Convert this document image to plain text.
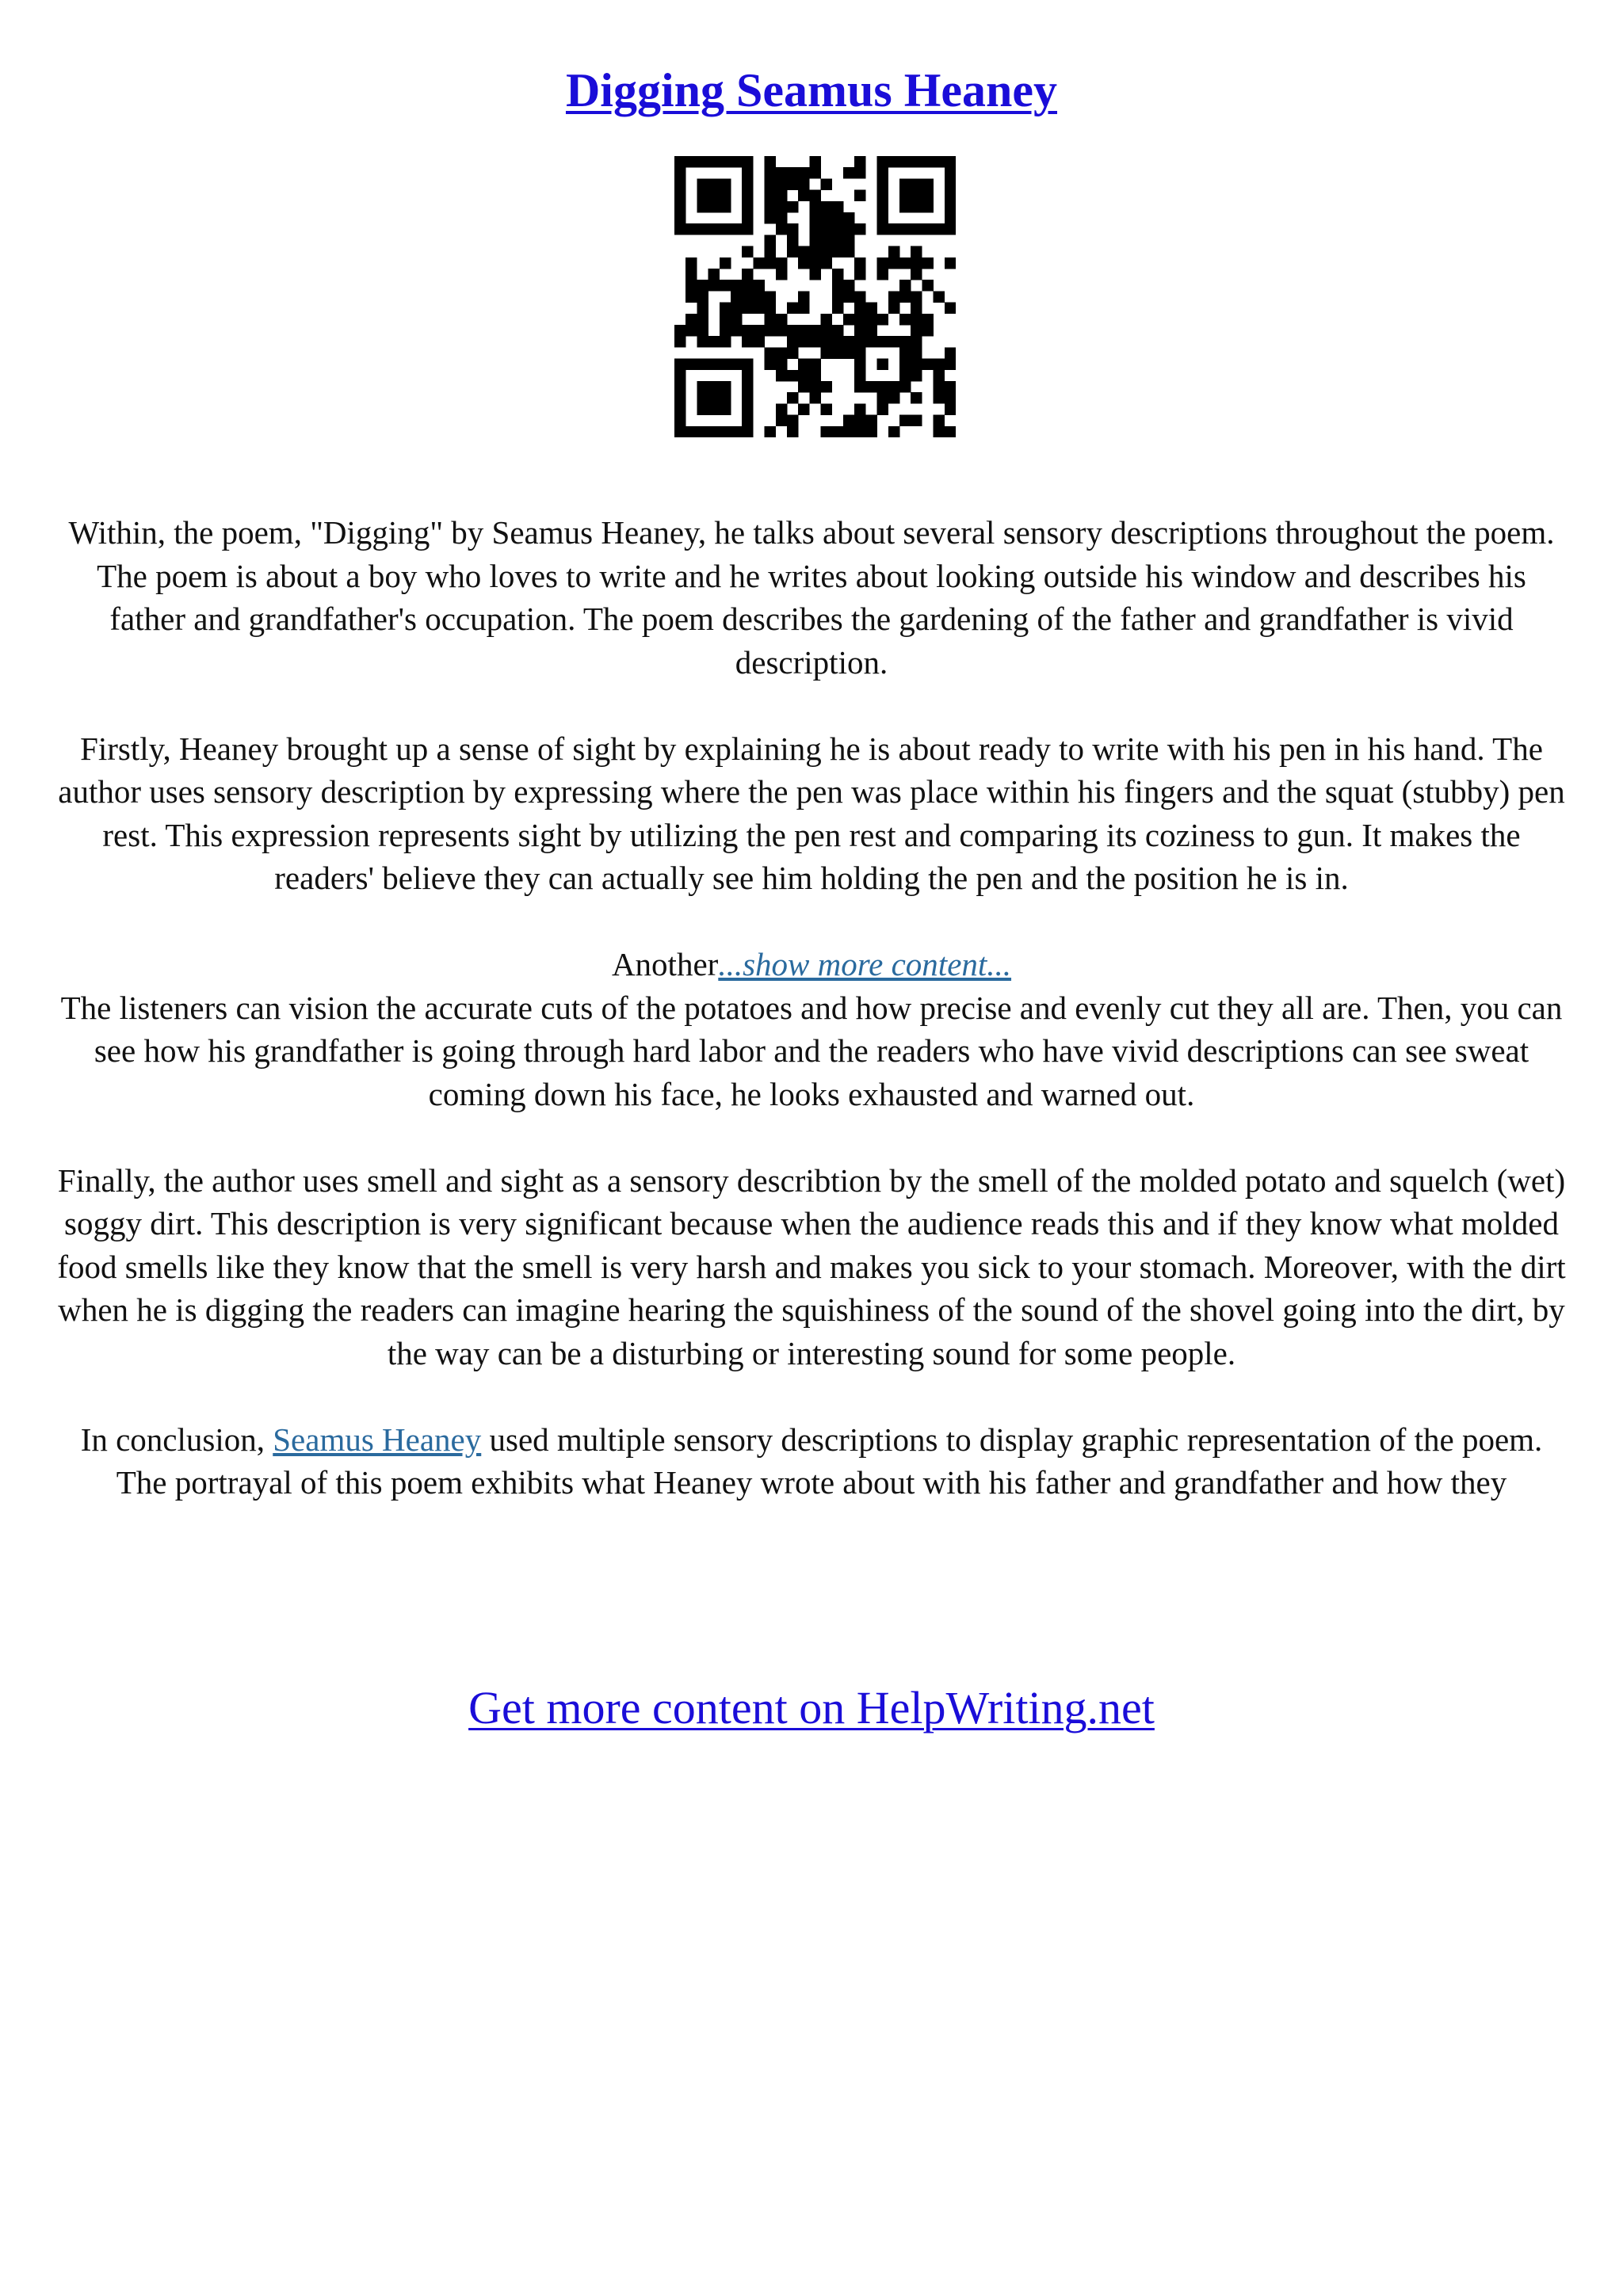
Digging Seamus Heaney

Within, the poem, "Digging" by Seamus Heaney, he talks about several sensory descriptions throughout the poem. The poem is about a boy who loves to write and he writes about looking outside his window and describes his father and grandfather's occupation. The poem describes the gardening of the father and grandfather is vivid description.

Firstly, Heaney brought up a sense of sight by explaining he is about ready to write with his pen in his hand. The author uses sensory description by expressing where the pen was place within his fingers and the squat (stubby) pen rest. This expression represents sight by utilizing the pen rest and comparing its coziness to gun. It makes the readers' believe they can actually see him holding the pen and the position he is in.

Another...show more content...

The listeners can vision the accurate cuts of the potatoes and how precise and evenly cut they all are. Then, you can see how his grandfather is going through hard labor and the readers who have vivid descriptions can see sweat coming down his face, he looks exhausted and warned out.

Finally, the author uses smell and sight as a sensory describtion by the smell of the molded potato and squelch (wet) soggy dirt. This description is very significant because when the audience reads this and if they know what molded food smells like they know that the smell is very harsh and makes you sick to your stomach. Moreover, with the dirt when he is digging the readers can imagine hearing the squishiness of the sound of the shovel going into the dirt, by the way can be a disturbing or interesting sound for some people.

In conclusion, Seamus Heaney used multiple sensory descriptions to display graphic representation of the poem. The portrayal of this poem exhibits what Heaney wrote about with his father and grandfather and how they

Get more content on HelpWriting.net
